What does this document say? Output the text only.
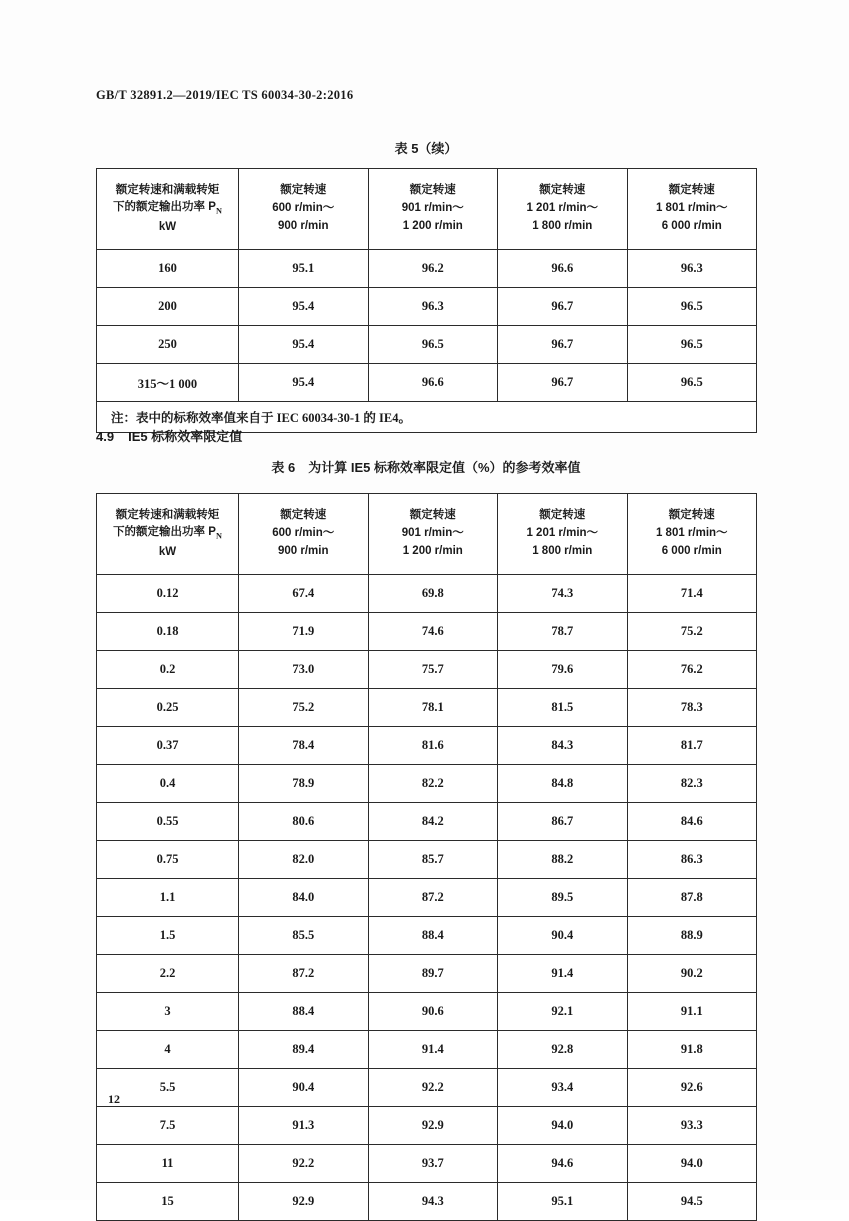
GB/T 32891.2—2019/IEC TS 60034-30-2:2016
表 5（续）
额定转速和满载转矩
下的额定输出功率 $P_N$
kW	额定转速
600 r/min～
900 r/min	额定转速
901 r/min～
1 200 r/min	额定转速
1 201 r/min～
1 800 r/min	额定转速
1 801 r/min～
6 000 r/min

160	95.1	96.2	96.6	96.3
200	95.4	96.3	96.7	96.5
250	95.4	96.5	96.7	96.5
315～1 000	95.4	96.6	96.7	96.5
注：表中的标称效率值来自于 IEC 60034-30-1 的 IE4。				
4.9 IE5 标称效率限定值
表 6　为计算 IE5 标称效率限定值（%）的参考效率值
额定转速和满载转矩
下的额定输出功率 $P_N$
kW	额定转速
600 r/min～
900 r/min	额定转速
901 r/min～
1 200 r/min	额定转速
1 201 r/min～
1 800 r/min	额定转速
1 801 r/min～
6 000 r/min

0.12	67.4	69.8	74.3	71.4
0.18	71.9	74.6	78.7	75.2
0.2	73.0	75.7	79.6	76.2
0.25	75.2	78.1	81.5	78.3
0.37	78.4	81.6	84.3	81.7
0.4	78.9	82.2	84.8	82.3
0.55	80.6	84.2	86.7	84.6
0.75	82.0	85.7	88.2	86.3
1.1	84.0	87.2	89.5	87.8
1.5	85.5	88.4	90.4	88.9
2.2	87.2	89.7	91.4	90.2
3	88.4	90.6	92.1	91.1
4	89.4	91.4	92.8	91.8
5.5	90.4	92.2	93.4	92.6
7.5	91.3	92.9	94.0	93.3
11	92.2	93.7	94.6	94.0
15	92.9	94.3	95.1	94.5
12
